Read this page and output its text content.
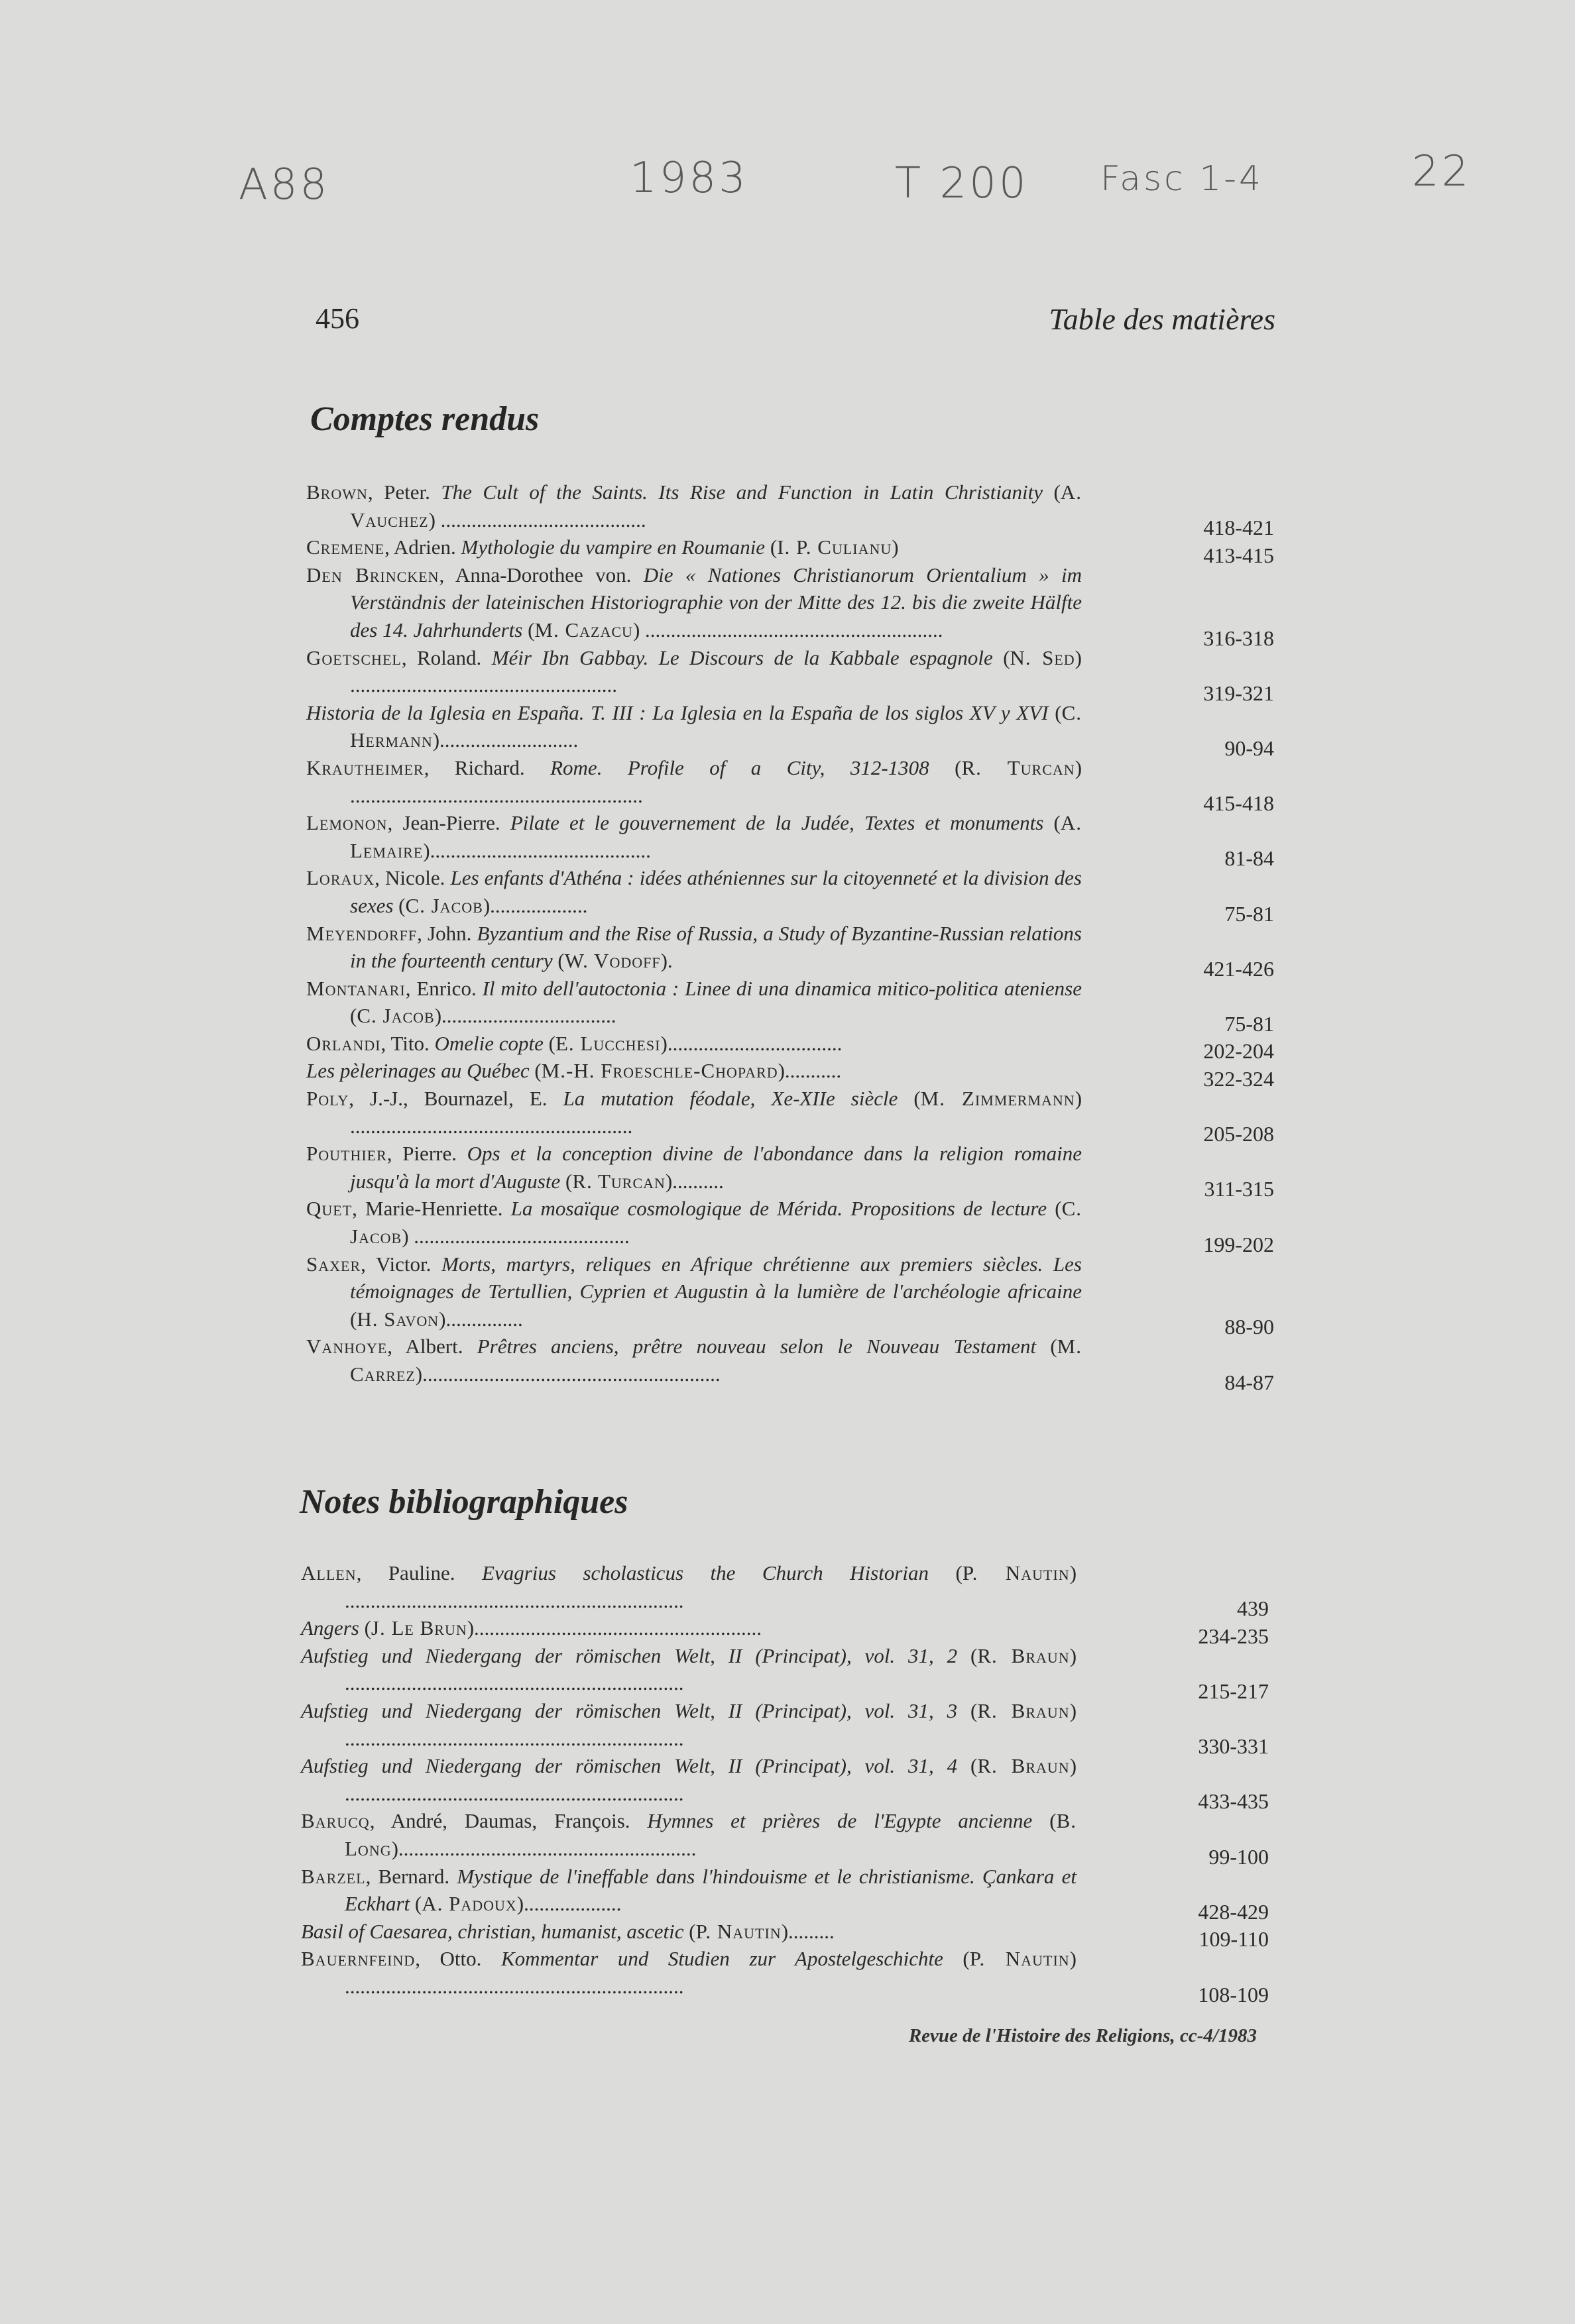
A88	1983	T 200 Fasc 1-4	22
456	Table des matières
Comptes rendus
Brown, Peter. The Cult of the Saints. Its Rise and Function in Latin Christianity (A. Vauchez) ........................................	418-421
Cremene, Adrien. Mythologie du vampire en Roumanie (I. P. Culianu)	413-415
Den Brincken, Anna-Dorothee von. Die « Nationes Christianorum Orientalium » im Verständnis der lateinischen Historiographie von der Mitte des 12. bis die zweite Hälfte des 14. Jahrhunderts (M. Cazacu) ..........................................................	316-318
Goetschel, Roland. Méir Ibn Gabbay. Le Discours de la Kabbale espagnole (N. Sed) ....................................................	319-321
Historia de la Iglesia en España. T. III : La Iglesia en la España de los siglos XV y XVI (C. Hermann)...........................	90-94
Krautheimer, Richard. Rome. Profile of a City, 312-1308 (R. Turcan) .........................................................	415-418
Lemonon, Jean-Pierre. Pilate et le gouvernement de la Judée, Textes et monuments (A. Lemaire)...........................................	81-84
Loraux, Nicole. Les enfants d'Athéna : idées athéniennes sur la citoyenneté et la division des sexes (C. Jacob)...................	75-81
Meyendorff, John. Byzantium and the Rise of Russia, a Study of Byzantine-Russian relations in the fourteenth century (W. Vodoff).	421-426
Montanari, Enrico. Il mito dell'autoctonia : Linee di una dinamica mitico-politica ateniense (C. Jacob)..................................	75-81
Orlandi, Tito. Omelie copte (E. Lucchesi)..................................	202-204
Les pèlerinages au Québec (M.-H. Froeschle-Chopard)...........	322-324
Poly, J.-J., Bournazel, E. La mutation féodale, Xe-XIIe siècle (M. Zimmermann) .......................................................	205-208
Pouthier, Pierre. Ops et la conception divine de l'abondance dans la religion romaine jusqu'à la mort d'Auguste (R. Turcan)..........	311-315
Quet, Marie-Henriette. La mosaïque cosmologique de Mérida. Propositions de lecture (C. Jacob) ..........................................	199-202
Saxer, Victor. Morts, martyrs, reliques en Afrique chrétienne aux premiers siècles. Les témoignages de Tertullien, Cyprien et Augustin à la lumière de l'archéologie africaine (H. Savon)...............	88-90
Vanhoye, Albert. Prêtres anciens, prêtre nouveau selon le Nouveau Testament (M. Carrez)..........................................................	84-87
Notes bibliographiques
Allen, Pauline. Evagrius scholasticus the Church Historian (P. Nautin) ..................................................................	439
Angers (J. Le Brun)........................................................	234-235
Aufstieg und Niedergang der römischen Welt, II (Principat), vol. 31, 2 (R. Braun) ..................................................................	215-217
Aufstieg und Niedergang der römischen Welt, II (Principat), vol. 31, 3 (R. Braun) ..................................................................	330-331
Aufstieg und Niedergang der römischen Welt, II (Principat), vol. 31, 4 (R. Braun) ..................................................................	433-435
Barucq, André, Daumas, François. Hymnes et prières de l'Egypte ancienne (B. Long)..........................................................	99-100
Barzel, Bernard. Mystique de l'ineffable dans l'hindouisme et le christianisme. Çankara et Eckhart (A. Padoux)...................	428-429
Basil of Caesarea, christian, humanist, ascetic (P. Nautin).........	109-110
Bauernfeind, Otto. Kommentar und Studien zur Apostelgeschichte (P. Nautin) ..................................................................	108-109
Revue de l'Histoire des Religions, cc-4/1983
